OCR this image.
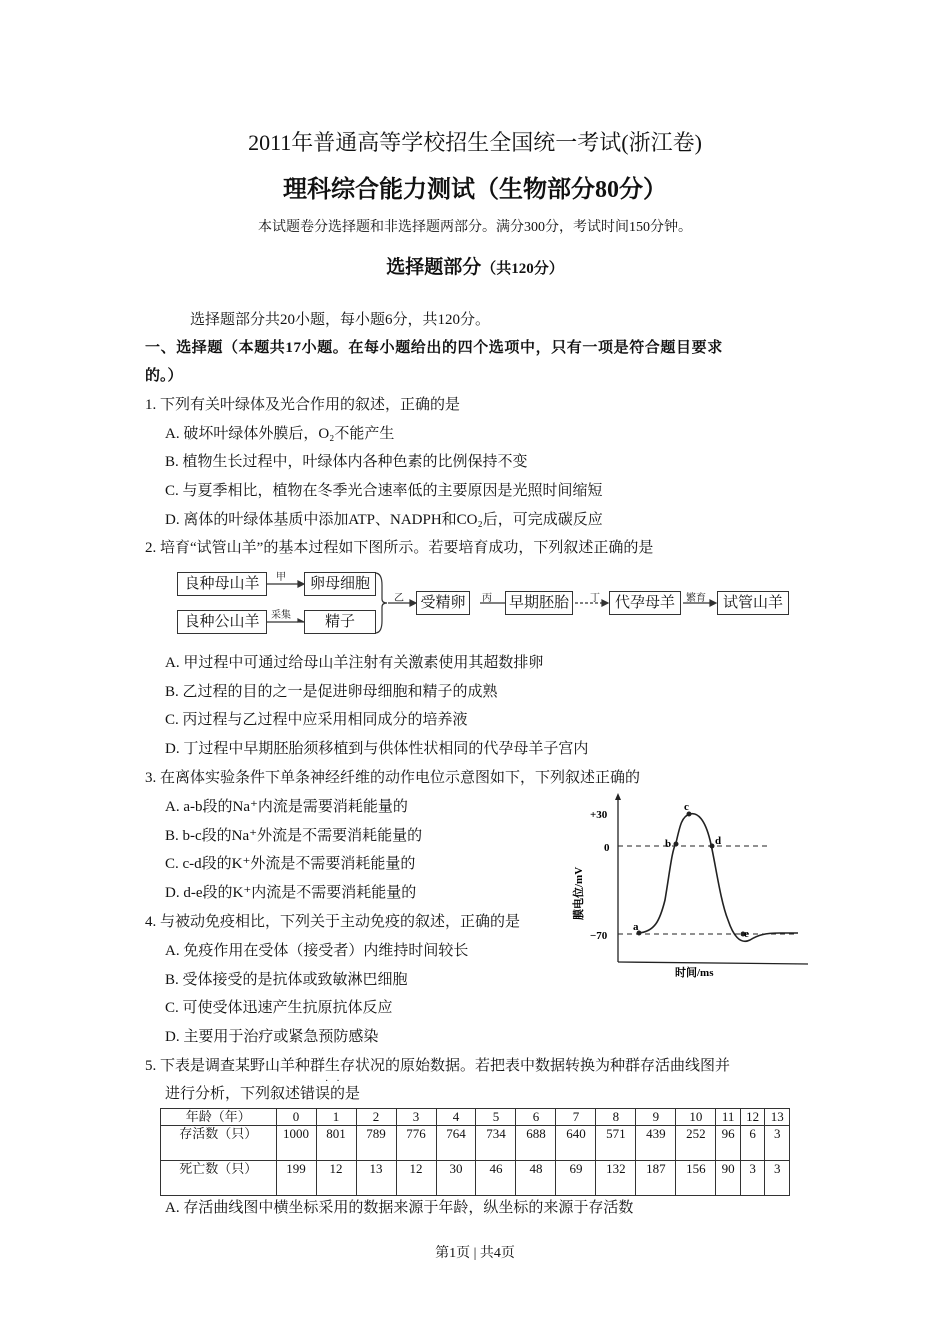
2011年普通高等学校招生全国统一考试(浙江卷)
理科综合能力测试（生物部分80分）
本试题卷分选择题和非选择题两部分。满分300分，考试时间150分钟。
选择题部分（共120分）
选择题部分共20小题，每小题6分，共120分。
一、选择题（本题共17小题。在每小题给出的四个选项中，只有一项是符合题目要求
的。）
1. 下列有关叶绿体及光合作用的叙述，正确的是
A. 破坏叶绿体外膜后，O₂不能产生
B. 植物生长过程中，叶绿体内各种色素的比例保持不变
C. 与夏季相比，植物在冬季光合速率低的主要原因是光照时间缩短
D. 离体的叶绿体基质中添加ATP、NADPH和CO₂后，可完成碳反应
2. 培育“试管山羊”的基本过程如下图所示。若要培育成功，下列叙述正确的是
良种母山羊	卵母细胞
良种公山羊	精子
受精卵	早期胚胎	代孕母羊	试管山羊
甲
采集
乙	丙	丁	繁育
A. 甲过程中可通过给母山羊注射有关激素使用其超数排卵
B. 乙过程的目的之一是促进卵母细胞和精子的成熟
C. 丙过程与乙过程中应采用相同成分的培养液
D. 丁过程中早期胚胎须移植到与供体性状相同的代孕母羊子宫内
3. 在离体实验条件下单条神经纤维的动作电位示意图如下，下列叙述正确的
A. a-b段的Na⁺内流是需要消耗能量的
B. b-c段的Na⁺外流是不需要消耗能量的
C. c-d段的K⁺外流是不需要消耗能量的
D. d-e段的K⁺内流是不需要消耗能量的
a
b
c
d
e
+30
0
−70
时间/ms
膜电位/mV
4. 与被动免疫相比，下列关于主动免疫的叙述，正确的是
A. 免疫作用在受体（接受者）内维持时间较长
B. 受体接受的是抗体或致敏淋巴细胞
C. 可使受体迅速产生抗原抗体反应
D. 主要用于治疗或紧急预防感染
5. 下表是调查某野山羊种群生存状况的原始数据。若把表中数据转换为种群存活曲线图并
进行分析，下列叙述错误的是
··
年龄（年）	0	1	2	3	4	5	6	7	8	9	10	11	12	13
存活数（只）	1000	801	789	776	764	734	688	640	571	439	252	96	6	3
死亡数（只）	199	12	13	12	30	46	48	69	132	187	156	90	3	3
A. 存活曲线图中横坐标采用的数据来源于年龄，纵坐标的来源于存活数
第1页 | 共4页
